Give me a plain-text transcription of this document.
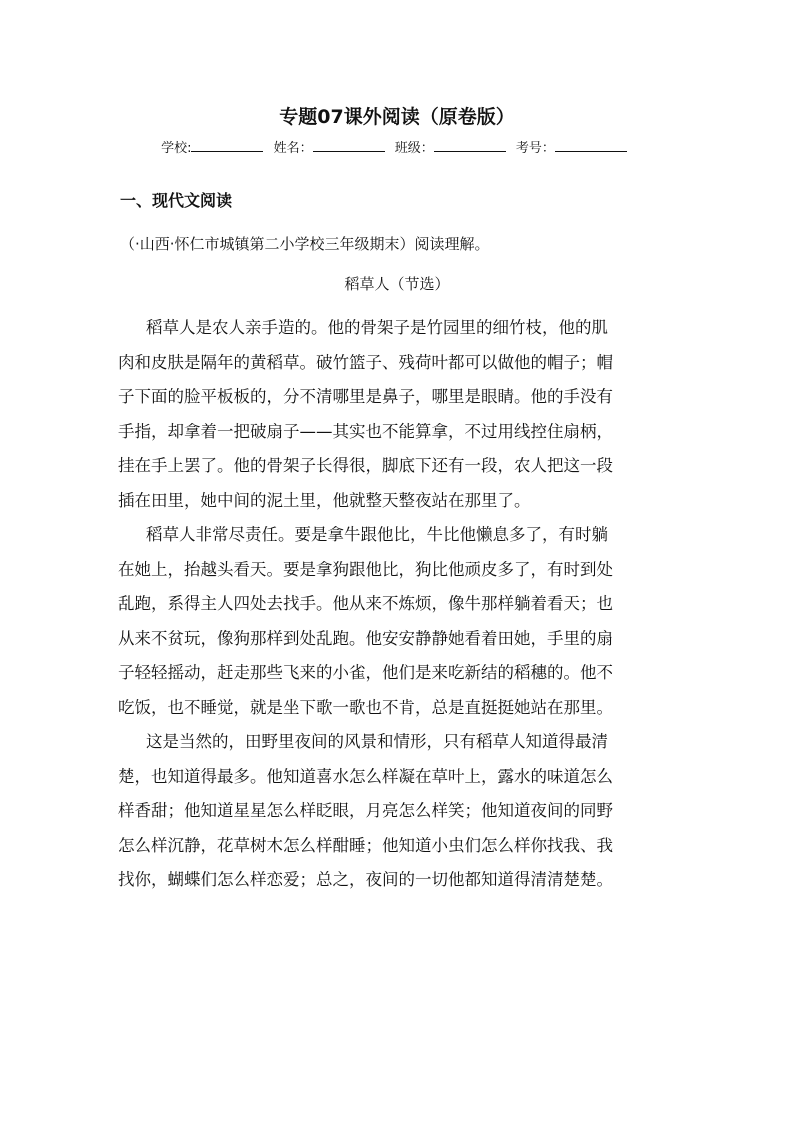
专题07课外阅读（原卷版）
学校:	姓名：	班级：	考号：
一、现代文阅读
（·山西·怀仁市城镇第二小学校三年级期末）阅读理解。
稻草人（节选）
稻草人是农人亲手造的。他的骨架子是竹园里的细竹枝，他的肌
肉和皮肤是隔年的黄稻草。破竹篮子、残荷叶都可以做他的帽子；帽
子下面的脸平板板的，分不清哪里是鼻子，哪里是眼睛。他的手没有
手指，却拿着一把破扇子——其实也不能算拿，不过用线控住扇柄，
挂在手上罢了。他的骨架子长得很，脚底下还有一段，农人把这一段
插在田里，她中间的泥土里，他就整天整夜站在那里了。
稻草人非常尽责任。要是拿牛跟他比，牛比他懒息多了，有时躺
在她上，抬越头看天。要是拿狗跟他比，狗比他顽皮多了，有时到处
乱跑，系得主人四处去找手。他从来不炼烦，像牛那样躺着看天；也
从来不贫玩，像狗那样到处乱跑。他安安静静她看着田她，手里的扇
子轻轻摇动，赶走那些飞来的小雀，他们是来吃新结的稻穗的。他不
吃饭，也不睡觉，就是坐下歌一歌也不肯，总是直挺挺她站在那里。
这是当然的，田野里夜间的风景和情形，只有稻草人知道得最清
楚，也知道得最多。他知道喜水怎么样凝在草叶上，露水的味道怎么
样香甜；他知道星星怎么样眨眼，月亮怎么样笑；他知道夜间的同野
怎么样沉静，花草树木怎么样酣睡；他知道小虫们怎么样你找我、我
找你，蝴蝶们怎么样恋爱；总之，夜间的一切他都知道得清清楚楚。
